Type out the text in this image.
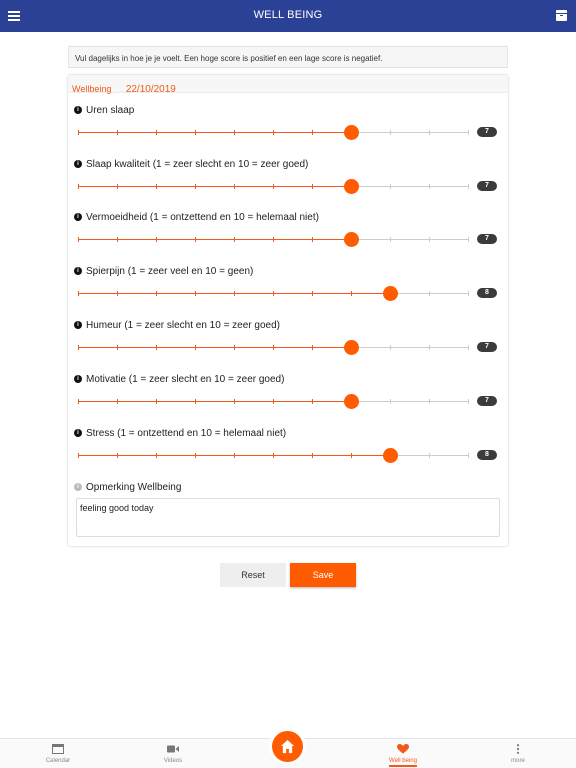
WELL BEING
Vul dagelijks in hoe je je voelt. Een hoge score is positief en een lage score is negatief.
Wellbeing 22/10/2019
i Uren slaap
7
i Slaap kwaliteit (1 = zeer slecht en 10 = zeer goed)
7
i Vermoeidheid (1 = ontzettend en 10 = helemaal niet)
7
i Spierpijn (1 = zeer veel en 10 = geen)
8
i Humeur (1 = zeer slecht en 10 = zeer goed)
7
i Motivatie (1 = zeer slecht en 10 = zeer goed)
7
i Stress (1 = ontzettend en 10 = helemaal niet)
8
i Opmerking Wellbeing
feeling good today
Reset	Save
Calendar	Videos	Well being	more
